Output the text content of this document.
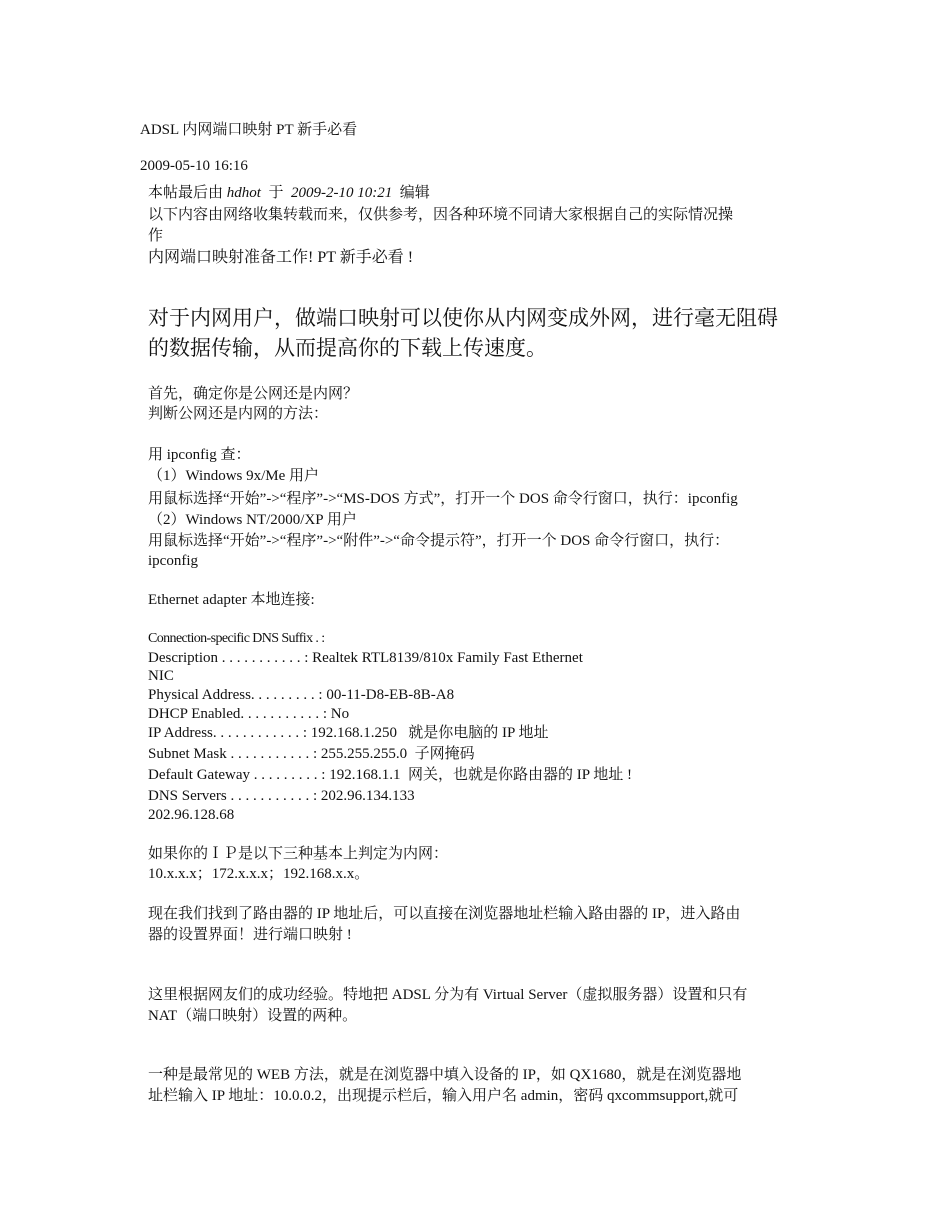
ADSL 内网端口映射 PT 新手必看
2009-05-10 16:16
本帖最后由 hdhot  于  2009-2-10 10:21  编辑
以下内容由网络收集转载而来，仅供参考，因各种环境不同请大家根据自己的实际情况操
作
内网端口映射准备工作! PT 新手必看 !
对于内网用户，做端口映射可以使你从内网变成外网，进行毫无阻碍
的数据传输，从而提高你的下载上传速度。
首先，确定你是公网还是内网？
判断公网还是内网的方法：
用 ipconfig 查：
（1）Windows 9x/Me 用户
用鼠标选择“开始”->“程序”->“MS-DOS 方式”，打开一个 DOS 命令行窗口，执行：ipconfig
（2）Windows NT/2000/XP 用户
用鼠标选择“开始”->“程序”->“附件”->“命令提示符”，打开一个 DOS 命令行窗口，执行：
ipconfig
Ethernet adapter 本地连接:
Connection-specific DNS Suffix . :
Description . . . . . . . . . . . : Realtek RTL8139/810x Family Fast Ethernet
NIC
Physical Address. . . . . . . . . : 00-11-D8-EB-8B-A8
DHCP Enabled. . . . . . . . . . . : No
IP Address. . . . . . . . . . . . : 192.168.1.250   就是你电脑的 IP 地址
Subnet Mask . . . . . . . . . . . : 255.255.255.0  子网掩码
Default Gateway . . . . . . . . . : 192.168.1.1  网关，也就是你路由器的 IP 地址 !
DNS Servers . . . . . . . . . . . : 202.96.134.133
202.96.128.68
如果你的ＩＰ是以下三种基本上判定为内网：
10.x.x.x；172.x.x.x；192.168.x.x。
现在我们找到了路由器的 IP 地址后，可以直接在浏览器地址栏输入路由器的 IP，进入路由
器的设置界面！进行端口映射 !
这里根据网友们的成功经验。特地把 ADSL 分为有 Virtual Server（虚拟服务器）设置和只有
NAT（端口映射）设置的两种。
一种是最常见的 WEB 方法，就是在浏览器中填入设备的 IP，如 QX1680，就是在浏览器地
址栏输入 IP 地址：10.0.0.2，出现提示栏后，输入用户名 admin，密码 qxcommsupport,就可
